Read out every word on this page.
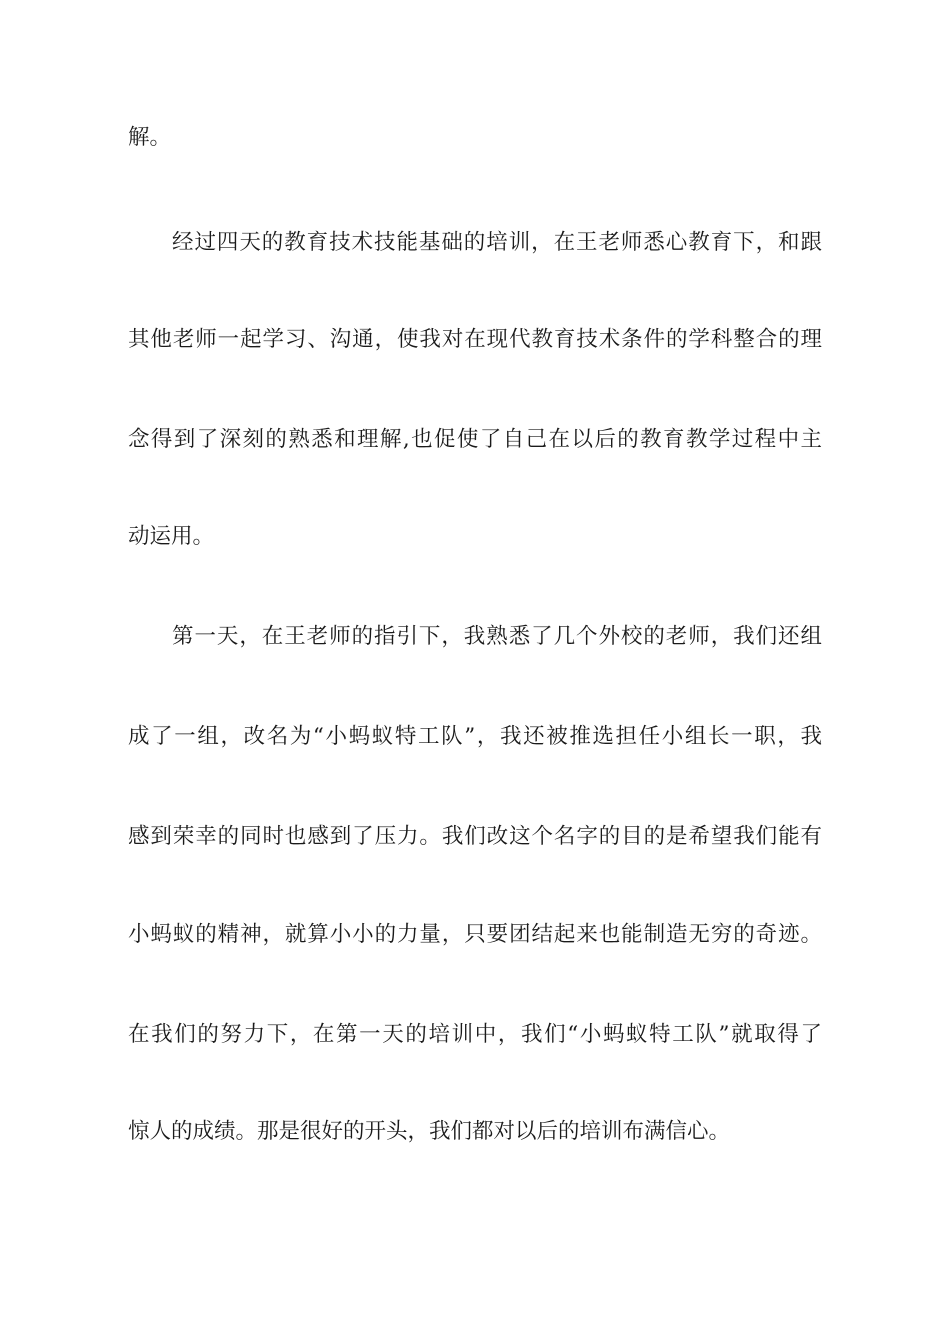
解。
经过四天的教育技术技能基础的培训，在王老师悉心教育下，和跟
其他老师一起学习、沟通，使我对在现代教育技术条件的学科整合的理
念得到了深刻的熟悉和理解,也促使了自己在以后的教育教学过程中主
动运用。
第一天，在王老师的指引下，我熟悉了几个外校的老师，我们还组
成了一组，改名为“小蚂蚁特工队”，我还被推选担任小组长一职，我
感到荣幸的同时也感到了压力。我们改这个名字的目的是希望我们能有
小蚂蚁的精神，就算小小的力量，只要团结起来也能制造无穷的奇迹。
在我们的努力下，在第一天的培训中，我们“小蚂蚁特工队”就取得了
惊人的成绩。那是很好的开头，我们都对以后的培训布满信心。
